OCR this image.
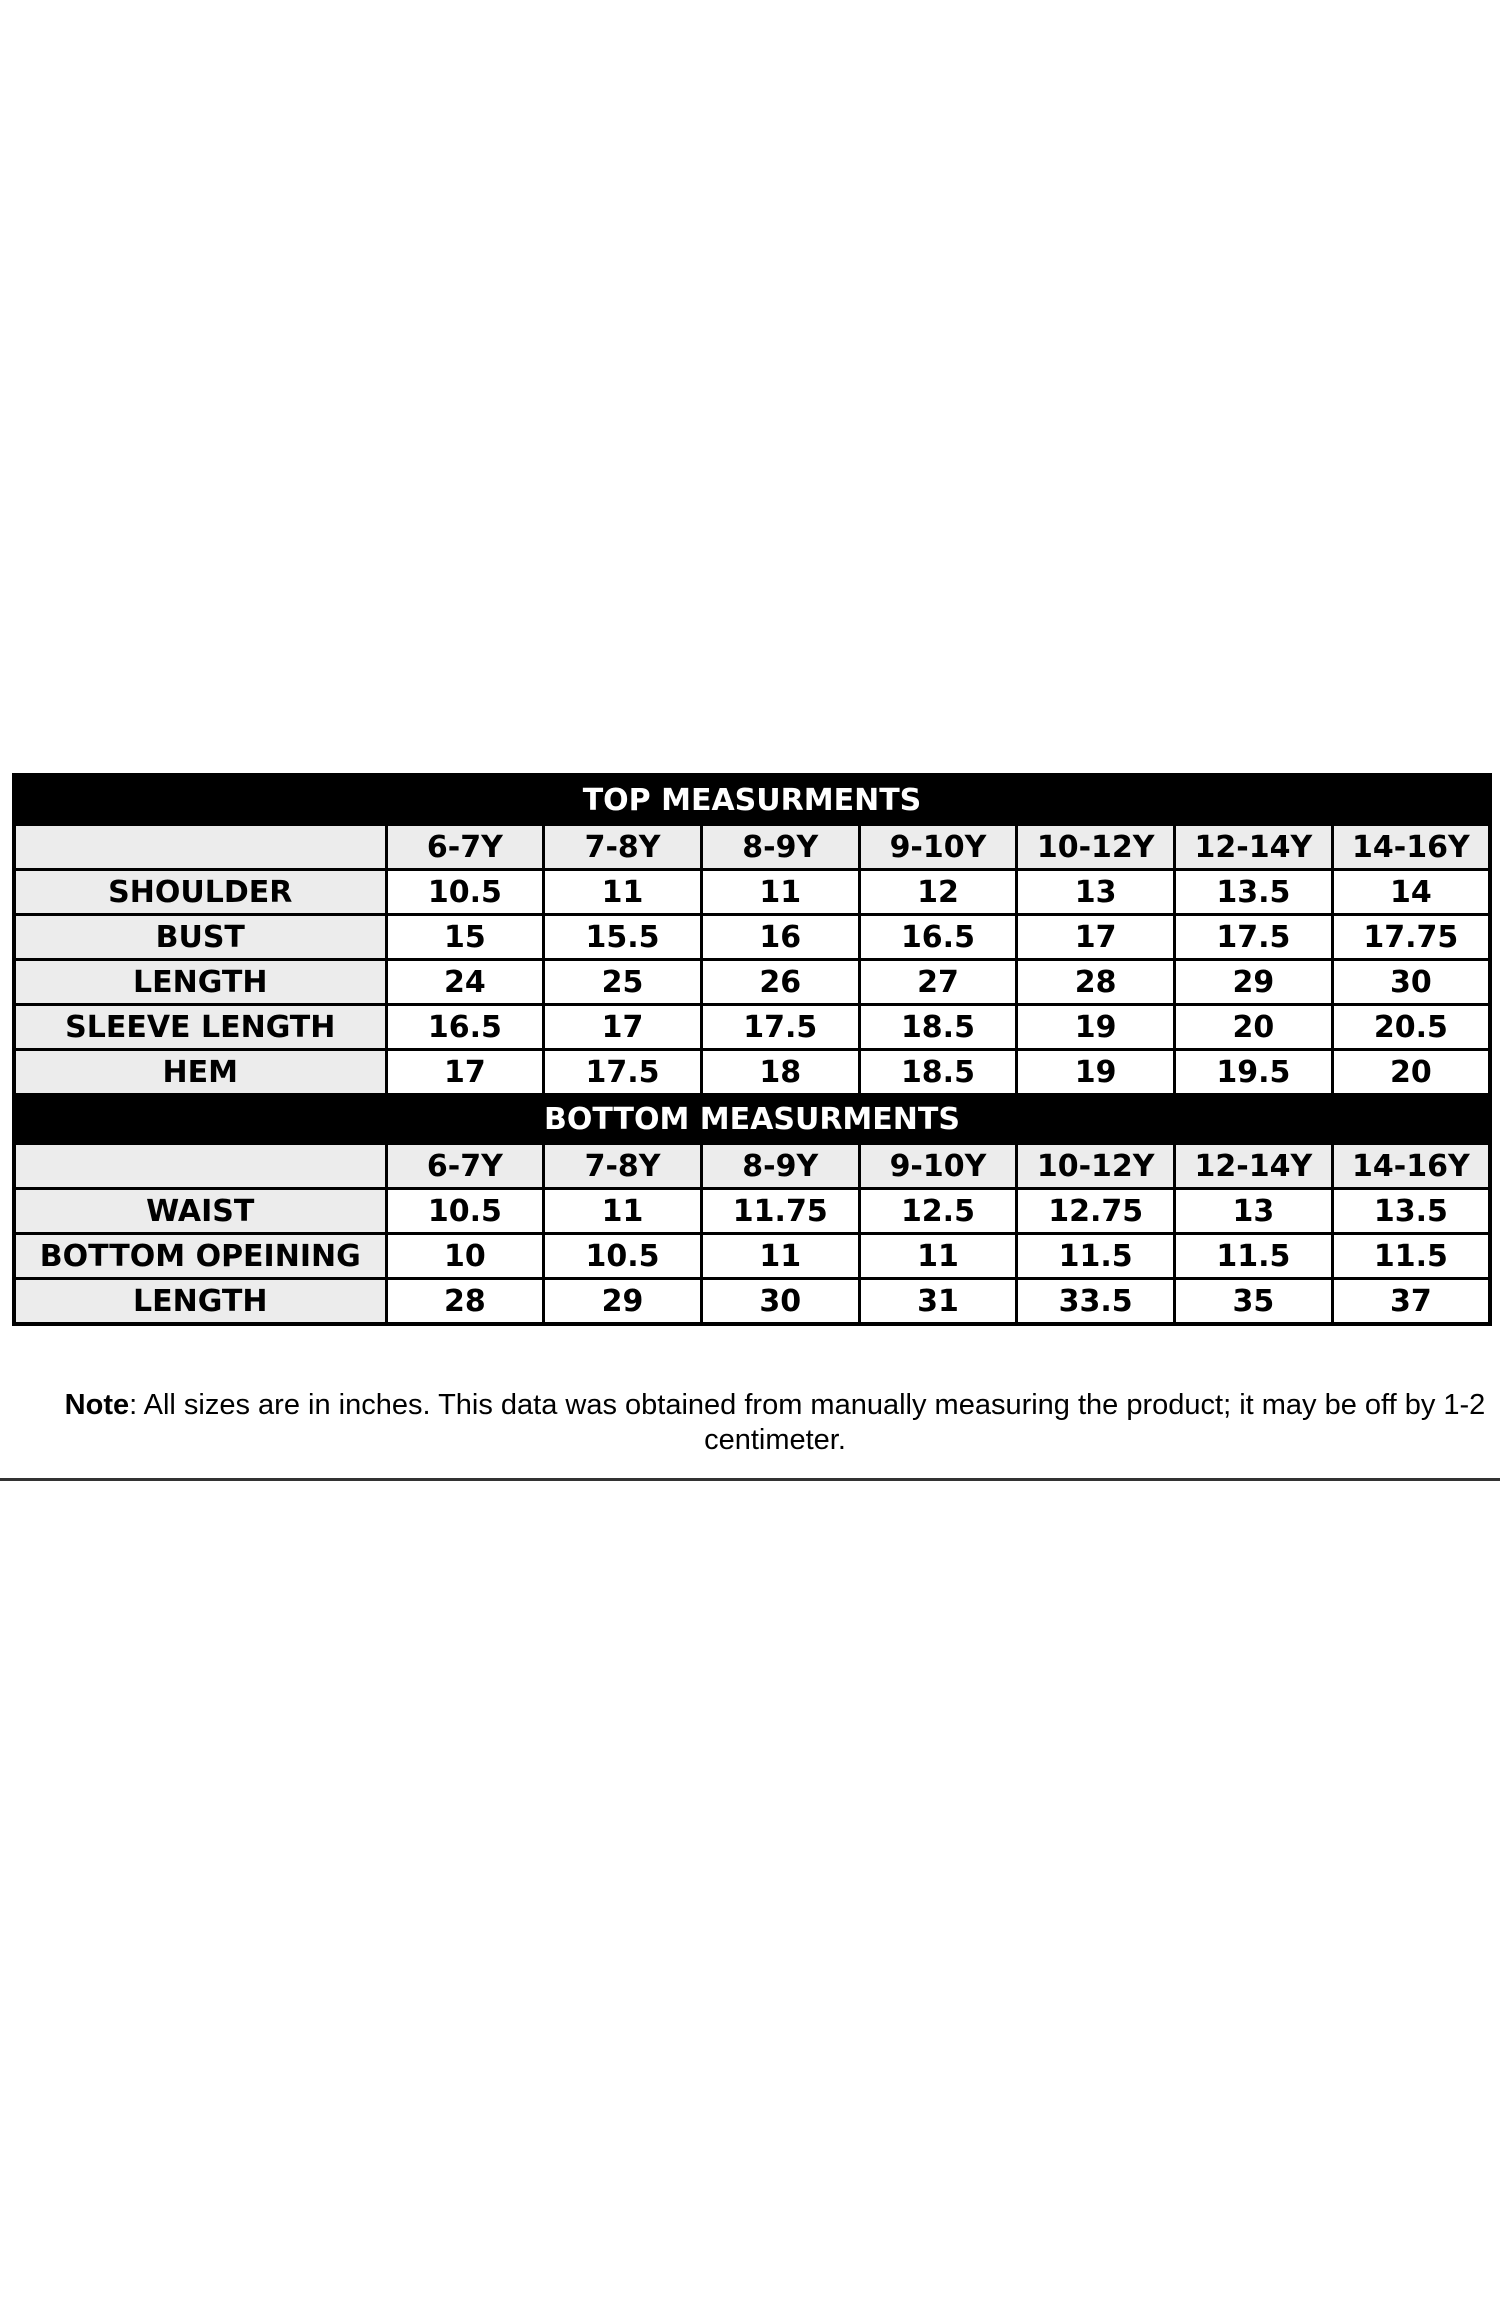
TOP MEASURMENTS							
	6-7Y	7-8Y	8-9Y	9-10Y	10-12Y	12-14Y	14-16Y
SHOULDER	10.5	11	11	12	13	13.5	14
BUST	15	15.5	16	16.5	17	17.5	17.75
LENGTH	24	25	26	27	28	29	30
SLEEVE LENGTH	16.5	17	17.5	18.5	19	20	20.5
HEM	17	17.5	18	18.5	19	19.5	20
BOTTOM MEASURMENTS							
	6-7Y	7-8Y	8-9Y	9-10Y	10-12Y	12-14Y	14-16Y
WAIST	10.5	11	11.75	12.5	12.75	13	13.5
BOTTOM OPEINING	10	10.5	11	11	11.5	11.5	11.5
LENGTH	28	29	30	31	33.5	35	37
Note: All sizes are in inches. This data was obtained from manually measuring the product; it may be off by 1-2 centimeter.
